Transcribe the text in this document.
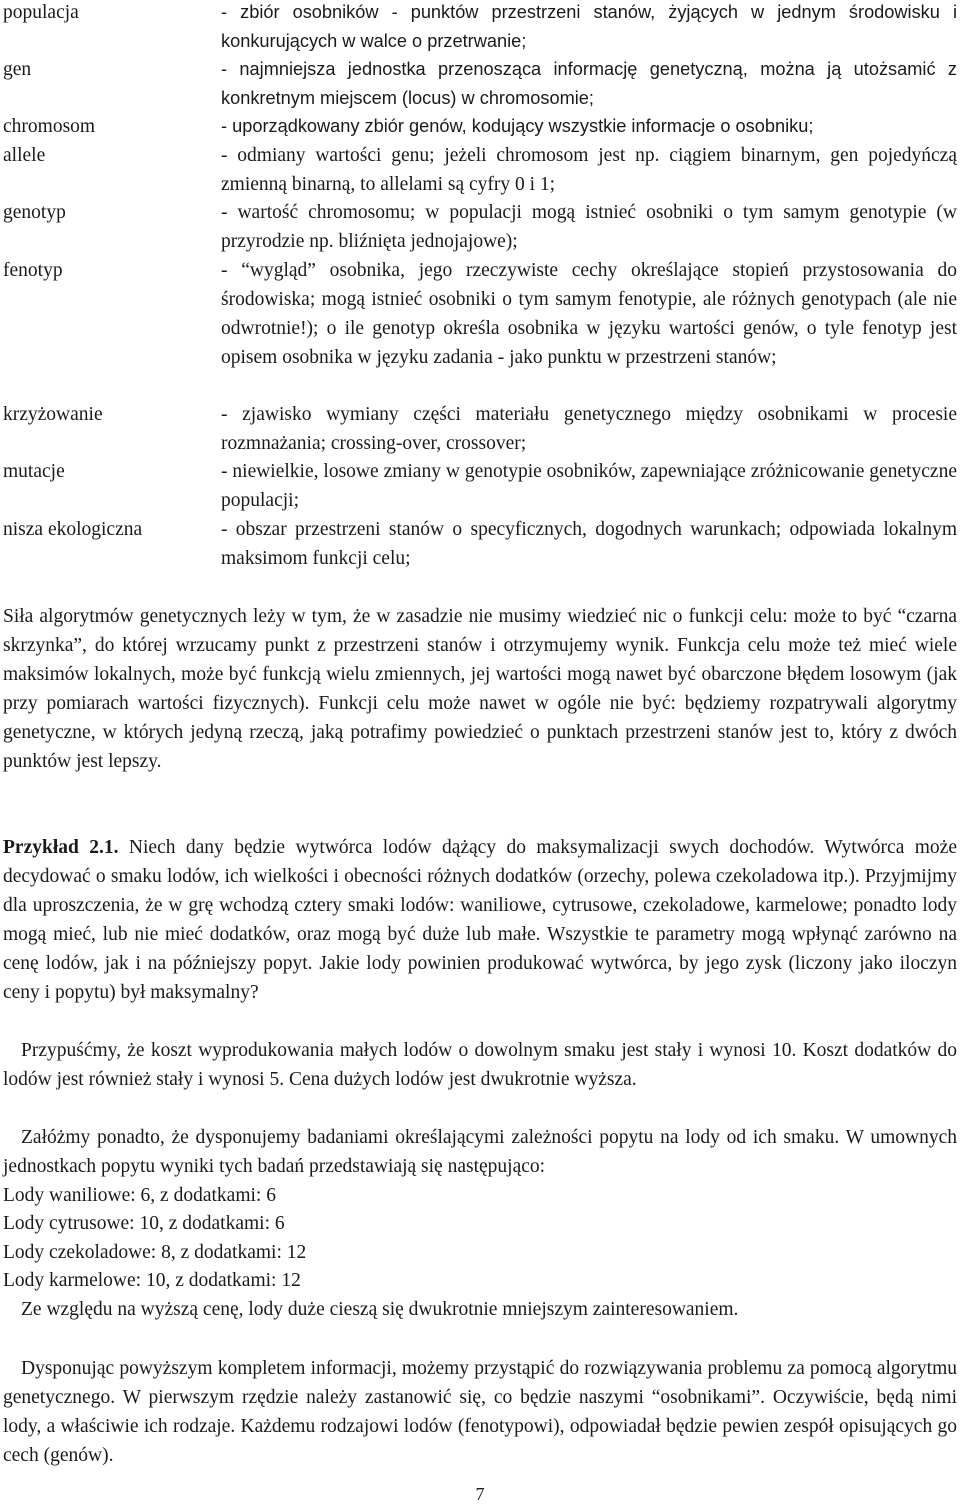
populacja	- zbiór osobników - punktów przestrzeni stanów, żyjących w jednym środowisku i konkurujących w walce o przetrwanie;
gen	- najmniejsza jednostka przenosząca informację genetyczną, można ją utożsamić z konkretnym miejscem (locus) w chromosomie;
chromosom	- uporządkowany zbiór genów, kodujący wszystkie informacje o osobniku;
allele	- odmiany wartości genu; jeżeli chromosom jest np. ciągiem binarnym, gen pojedyńczą zmienną binarną, to allelami są cyfry 0 i 1;
genotyp	- wartość chromosomu; w populacji mogą istnieć osobniki o tym samym genotypie (w przyrodzie np. bliźnięta jednojajowe);
fenotyp	- “wygląd” osobnika, jego rzeczywiste cechy określające stopień przystosowania do środowiska; mogą istnieć osobniki o tym samym fenotypie, ale różnych genotypach (ale nie odwrotnie!); o ile genotyp określa osobnika w języku wartości genów, o tyle fenotyp jest opisem osobnika w języku zadania - jako punktu w przestrzeni stanów;
krzyżowanie	- zjawisko wymiany części materiału genetycznego między osobnikami w procesie rozmnażania; crossing-over, crossover;
mutacje	- niewielkie, losowe zmiany w genotypie osobników, zapewniające zróżnicowanie genetyczne populacji;
nisza ekologiczna	- obszar przestrzeni stanów o specyficznych, dogodnych warunkach; odpowiada lokalnym maksimom funkcji celu;

Siła algorytmów genetycznych leży w tym, że w zasadzie nie musimy wiedzieć nic o funkcji celu: może to być “czarna skrzynka”, do której wrzucamy punkt z przestrzeni stanów i otrzymujemy wynik. Funkcja celu może też mieć wiele maksimów lokalnych, może być funkcją wielu zmiennych, jej wartości mogą nawet być obarczone błędem losowym (jak przy pomiarach wartości fizycznych). Funkcji celu może nawet w ogóle nie być: będziemy rozpatrywali algorytmy genetyczne, w których jedyną rzeczą, jaką potrafimy powiedzieć o punktach przestrzeni stanów jest to, który z dwóch punktów jest lepszy.

Przykład 2.1. Niech dany będzie wytwórca lodów dążący do maksymalizacji swych dochodów. Wytwórca może decydować o smaku lodów, ich wielkości i obecności różnych dodatków (orzechy, polewa czekoladowa itp.). Przyjmijmy dla uproszczenia, że w grę wchodzą cztery smaki lodów: waniliowe, cytrusowe, czekoladowe, karmelowe; ponadto lody mogą mieć, lub nie mieć dodatków, oraz mogą być duże lub małe. Wszystkie te parametry mogą wpłynąć zarówno na cenę lodów, jak i na późniejszy popyt. Jakie lody powinien produkować wytwórca, by jego zysk (liczony jako iloczyn ceny i popytu) był maksymalny?

Przypuśćmy, że koszt wyprodukowania małych lodów o dowolnym smaku jest stały i wynosi 10. Koszt dodatków do lodów jest również stały i wynosi 5. Cena dużych lodów jest dwukrotnie wyższa.

Załóżmy ponadto, że dysponujemy badaniami określającymi zależności popytu na lody od ich smaku. W umownych jednostkach popytu wyniki tych badań przedstawiają się następująco:

Lody waniliowe: 6, z dodatkami: 6

Lody cytrusowe: 10, z dodatkami: 6

Lody czekoladowe: 8, z dodatkami: 12

Lody karmelowe: 10, z dodatkami: 12

Ze względu na wyższą cenę, lody duże cieszą się dwukrotnie mniejszym zainteresowaniem.

Dysponując powyższym kompletem informacji, możemy przystąpić do rozwiązywania problemu za pomocą algorytmu genetycznego. W pierwszym rzędzie należy zastanowić się, co będzie naszymi “osobnikami”. Oczywiście, będą nimi lody, a właściwie ich rodzaje. Każdemu rodzajowi lodów (fenotypowi), odpowiadał będzie pewien zespół opisujących go cech (genów).

7
